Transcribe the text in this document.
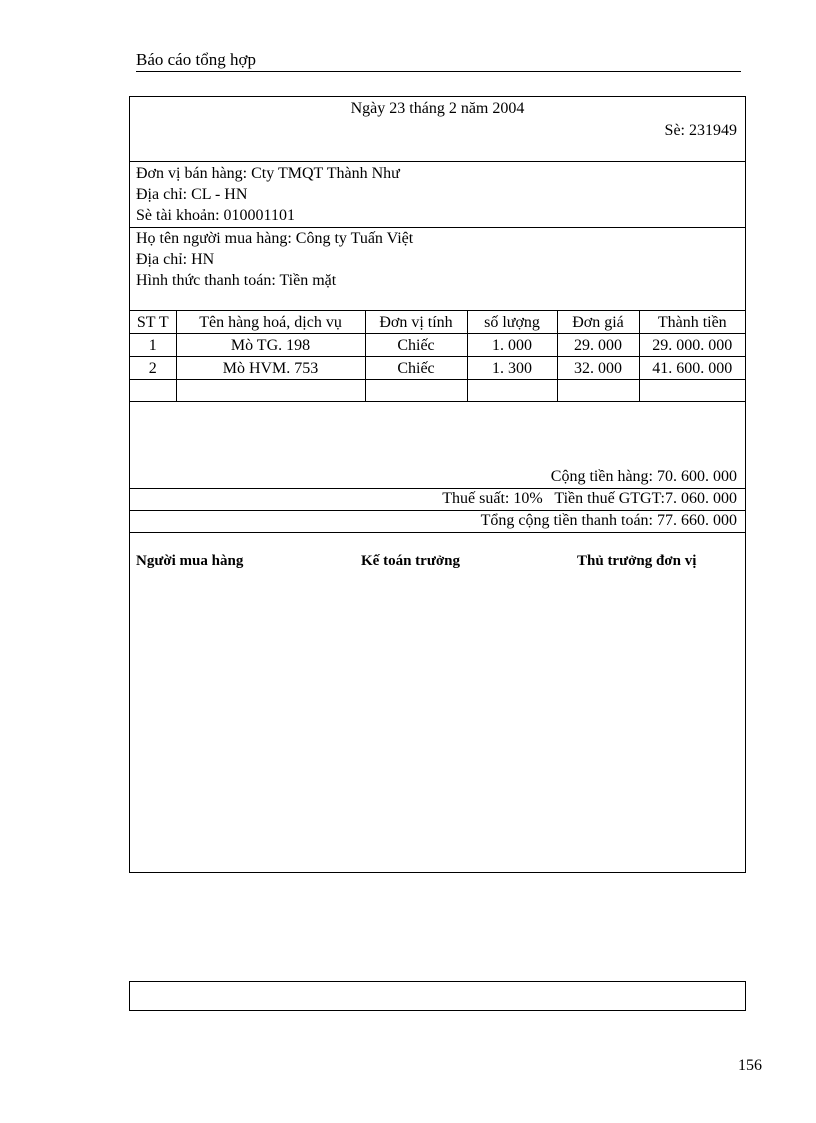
Báo cáo tổng hợp
Ngày 23 tháng 2 năm 2004
Sè: 231949
Đơn vị bán hàng: Cty TMQT Thành Như
Địa chỉ: CL - HN
Sè tài khoản: 010001101
Họ tên người mua hàng: Công ty Tuấn Việt
Địa chỉ: HN
Hình thức thanh toán: Tiền mặt
ST T	Tên hàng hoá, dịch vụ	Đơn vị tính	số lượng	Đơn giá	Thành tiền
1	Mò TG. 198	Chiếc	1. 000	29. 000	29. 000. 000
2	Mò HVM. 753	Chiếc	1. 300	32. 000	41. 600. 000

Cộng tiền hàng: 70. 600. 000
Thuế suất: 10%   Tiền thuế GTGT:7. 060. 000
Tổng cộng tiền thanh toán: 77. 660. 000
Người mua hàng	Kế toán trưởng	Thủ trưởng đơn vị
156
